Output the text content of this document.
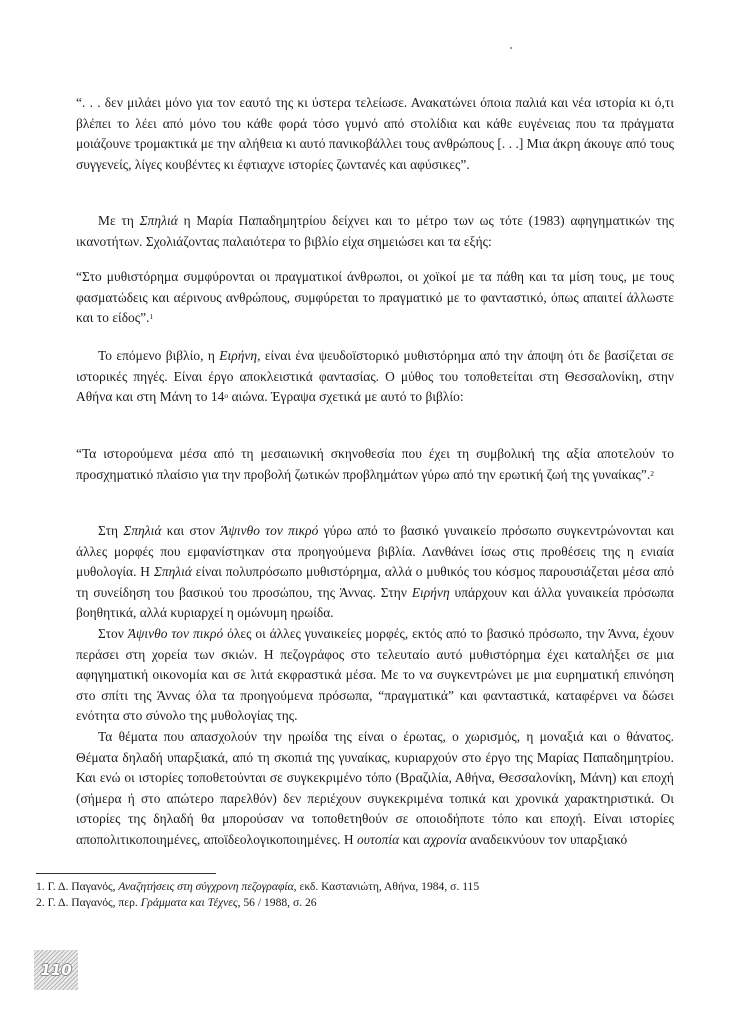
“. . . δεν μιλάει μόνο για τον εαυτό της κι ύστερα τελείωσε. Ανακατώνει όποια παλιά και νέα ιστορία κι ό,τι βλέπει το λέει από μόνο του κάθε φορά τόσο γυμνό από στολίδια και κάθε ευγένειας που τα πράγματα μοιάζουνε τρομακτικά με την αλήθεια κι αυτό πανικοβάλλει τους ανθρώπους [. . .] Μια άκρη άκουγε από τους συγγενείς, λίγες κουβέντες κι έφτιαχνε ιστορίες ζωντανές και αφύσικες”.

Με τη Σπηλιά η Μαρία Παπαδημητρίου δείχνει και το μέτρο των ως τότε (1983) αφηγηματικών της ικανοτήτων. Σχολιάζοντας παλαιότερα το βιβλίο είχα σημειώσει και τα εξής:

“Στο μυθιστόρημα συμφύρονται οι πραγματικοί άνθρωποι, οι χοϊκοί με τα πάθη και τα μίση τους, με τους φασματώδεις και αέρινους ανθρώπους, συμφύρεται το πραγματικό με το φανταστικό, όπως απαιτεί άλλωστε και το είδος”.$^1$

Το επόμενο βιβλίο, η Ειρήνη, είναι ένα ψευδοϊστορικό μυθιστόρημα από την άποψη ότι δε βασίζεται σε ιστορικές πηγές. Είναι έργο αποκλειστικά φαντασίας. Ο μύθος του τοποθετείται στη Θεσσαλονίκη, στην Αθήνα και στη Μάνη το $14^o$ αιώνα. Έγραψα σχετικά με αυτό το βιβλίο:

“Τα ιστορούμενα μέσα από τη μεσαιωνική σκηνοθεσία που έχει τη συμβολική της αξία αποτελούν το προσχηματικό πλαίσιο για την προβολή ζωτικών προβλημάτων γύρω από την ερωτική ζωή της γυναίκας”.$^2$

Στη Σπηλιά και στον Άψινθο τον πικρό γύρω από το βασικό γυναικείο πρόσωπο συγκεντρώνονται και άλλες μορφές που εμφανίστηκαν στα προηγούμενα βιβλία. Λανθάνει ίσως στις προθέσεις της η ενιαία μυθολογία. Η Σπηλιά είναι πολυπρόσωπο μυθιστόρημα, αλλά ο μυθικός του κόσμος παρουσιάζεται μέσα από τη συνείδηση του βασικού του προσώπου, της Άννας. Στην Ειρήνη υπάρχουν και άλλα γυναικεία πρόσωπα βοηθητικά, αλλά κυριαρχεί η ομώνυμη ηρωίδα.

Στον Άψινθο τον πικρό όλες οι άλλες γυναικείες μορφές, εκτός από το βασικό πρόσωπο, την Άννα, έχουν περάσει στη χορεία των σκιών. Η πεζογράφος στο τελευταίο αυτό μυθιστόρημα έχει καταλήξει σε μια αφηγηματική οικονομία και σε λιτά εκφραστικά μέσα. Με το να συγκεντρώνει με μια ευρηματική επινόηση στο σπίτι της Άννας όλα τα προηγούμενα πρόσωπα, “πραγματικά” και φανταστικά, καταφέρνει να δώσει ενότητα στο σύνολο της μυθολογίας της.

Τα θέματα που απασχολούν την ηρωίδα της είναι ο έρωτας, ο χωρισμός, η μοναξιά και ο θάνατος. Θέματα δηλαδή υπαρξιακά, από τη σκοπιά της γυναίκας, κυριαρχούν στο έργο της Μαρίας Παπαδημητρίου. Και ενώ οι ιστορίες τοποθετούνται σε συγκεκριμένο τόπο (Βραζιλία, Αθήνα, Θεσσαλονίκη, Μάνη) και εποχή (σήμερα ή στο απώτερο παρελθόν) δεν περιέχουν συγκεκριμένα τοπικά και χρονικά χαρακτηριστικά. Οι ιστορίες της δηλαδή θα μπορούσαν να τοποθετηθούν σε οποιοδήποτε τόπο και εποχή. Είναι ιστορίες αποπολιτικοποιημένες, αποϊδεολογικοποιημένες. Η ουτοπία και αχρονία αναδεικνύουν τον υπαρξιακό

1. Γ. Δ. Παγανός, Αναζητήσεις στη σύγχρονη πεζογραφία, εκδ. Καστανιώτη, Αθήνα, 1984, σ. 115
2. Γ. Δ. Παγανός, περ. Γράμματα και Τέχνες, 56 / 1988, σ. 26
110
